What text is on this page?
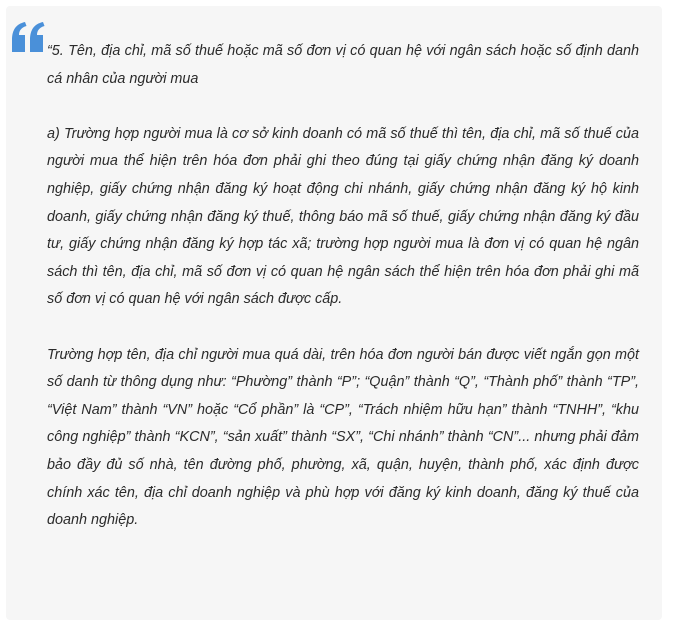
“5. Tên, địa chỉ, mã số thuế hoặc mã số đơn vị có quan hệ với ngân sách hoặc số định danh cá nhân của người mua

a) Trường hợp người mua là cơ sở kinh doanh có mã số thuế thì tên, địa chỉ, mã số thuế của người mua thể hiện trên hóa đơn phải ghi theo đúng tại giấy chứng nhận đăng ký doanh nghiệp, giấy chứng nhận đăng ký hoạt động chi nhánh, giấy chứng nhận đăng ký hộ kinh doanh, giấy chứng nhận đăng ký thuế, thông báo mã số thuế, giấy chứng nhận đăng ký đầu tư, giấy chứng nhận đăng ký hợp tác xã; trường hợp người mua là đơn vị có quan hệ ngân sách thì tên, địa chỉ, mã số đơn vị có quan hệ ngân sách thể hiện trên hóa đơn phải ghi mã số đơn vị có quan hệ với ngân sách được cấp.

Trường hợp tên, địa chỉ người mua quá dài, trên hóa đơn người bán được viết ngắn gọn một số danh từ thông dụng như: “Phường” thành “P”; “Quận” thành “Q”, “Thành phố” thành “TP”, “Việt Nam” thành “VN” hoặc “Cổ phần” là “CP”, “Trách nhiệm hữu hạn” thành “TNHH”, “khu công nghiệp” thành “KCN”, “sản xuất” thành “SX”, “Chi nhánh” thành “CN”... nhưng phải đảm bảo đầy đủ số nhà, tên đường phố, phường, xã, quận, huyện, thành phố, xác định được chính xác tên, địa chỉ doanh nghiệp và phù hợp với đăng ký kinh doanh, đăng ký thuế của doanh nghiệp.
